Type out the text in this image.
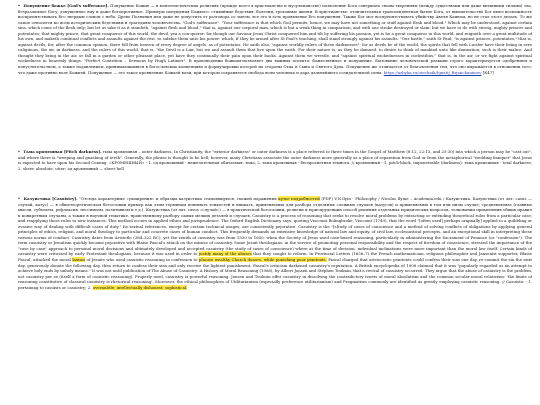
* Попущение божье [God's sufferance]. Попущение Божие — в монотеистических религиях (прежде всего в христианстве и мусульманстве) позволение Бога совершать своим творениям (между существами или даже внешними силами) зла, безразличное Богу, допущенное ему и даже богопротивное. Примеры попущения Божьего: стихийные бедствия, болезни, греховные жизни. В христианстве: отличительная трансцендентная бытие Бога, от вмешательства Бог имел возможность воспрепятствовать Его твердым словом с неба. Древо Познания или даже не допустить от разговора со змеем, все это и есть проявление Его попущения. Также Бог мог воспрепятствовать убийству Авеля Каином, но не стал этого делать. То же самое относится ко всем историческим бедствиям и трагедиям человечества. "God's sufferance". "Your sufferance is that which God permits; hence, we may have not something or stuff against flesh and blood." Which may be understood, against certain sins, which come of the flesh only; but let us take it as it standeth, "against flesh and blood," that is, against our corporal man, which is but a weak thing in comparison, and with one stroke destroyed or slain: but we have to do with strong, mighty princes and potentates; that mighty prince, that great conqueror of this world, the devil, yea a con-querer: for though our Saviour Jesus Christ conquered him and tilt by suffering his passion, yet is he a great conqueror in this world, and reigneth over a great multitude of his own, and maketh continual conflicts and assaults against the rest, to subdue them unto his power: which, if they be armed after St Paul's teaching, shall stand strongly against his assaults. "Our battle," saith St Paul, "is against princes, potentates," that is, against devils; for, after the common opinion, there fell from heaven of every degree of angels, as of potentates. He saith also, "against worldly rulers of these darknesses": for as devils be of the world, the spirits that fell with Lucifer have their being in sere caliginous, the air, in darkness, and the rulers of this world, that is, "the Devil is a Liar, but we and assault them that live upon the earth. For their nature is, as they be damned, to desire to think of mankind unto like damnation; such is their malice. And thought they bring in the air, or fall in a garden or other pleasant place, yet have they continually their pain upon their backs. Against them we wrestle, and "against spiritual wickednesses in coelestibus," that is, in the air; or we fight against spiritual wickedness in heavenly things. "Perfect Contrition – Sermons by Hugh Latimer". В произведении божьим-позволяет два важных аспекта: божественное и попущение. Бытование человеческой реакции строго характеризуется одобрением и попустительством, а также подавлением, принимающимися в богословских концепциях и формулировки которой на стороны Отца и Сына и Святого Духа. Попущение же отличается от благоволения тем, что оно выражается в отношении того, что даже противно воле Божией. Попущение — это такое проявление Божьей воли, при котором сохраняется свобода воли человека и дара дальнейшего созидательной силы. https://azbyka.ru/otechnik/Ignatij_Brjanchaninov/ [К47]

* Тьма кромешная [Pitch darkness]. тьма кромешная – outer darkness. In Christianity, the "exterior darkness" or outer darkness is a place referred to three times in the Gospel of Matthew (8:12, 22:13, and 25:30) into which a person may be "cast out", and where there is "weeping and gnashing of teeth". Generally, the phrase is thought to be hell; however, many Christians associate the outer darkness more generally as a place of separation from God or from the metaphorical "wedding banquet" that Jesus is expected to have upon his Second Coming. «КРОМЕШНЫЙ» - 1. од.кромешный - нежелательная обитаемая, тьма; 2. тьма кромешная - беспросветная темнота. // кромешный - 1. pitch-black, impenetrable (darkness): тьма кромешная - total darkness; 2. sheer, absolute, utter: ад кромешный — sheer hell

* Казуистика [Casuistry]. "Отсюда характерные «ухищрения» и образцы казуистика становящуюся, схожей поражения кутье подробностей (PDF) V.N.Ilyin - Philosophy / Nicolas Ilyine – Academia.edu / Казуистика. Казуистика (от лат. casus — случай, казус) — в общетеоретическом богословии пример как этим терминам понимать тонкостей и вникать, применяемых для разбора отдельных сложных случаев (казусов) и применяемых в том или ином случае; средневековье (главные мысли, субъекты, рефлексия, пессимизм, позитивизм и т.д.). Казуистика (от лат. casus «случай») — в практической богословии, религии и юриспруденции способ решения отдельных юридических вопросов, толковании применения общих правил к конкретным случаям, а также в научной тематике, нравственному разбору самых мелких деталей и случаев. Casuistry is a process of reasoning that seeks to resolve moral problems by extracting or extending theoretical rules from a particular case, and reapplying those rules to new instances. This method occurs in applied ethics and jurisprudence. The Oxford English Dictionary says, quoting Viscount Bolingbroke, Viscount (1749), that the word "[often used] perhaps originally] applied to a quibbling or evasive way of dealing with difficult cases of duty." Its textual references, except for certain technical usages, are consistently pejorative. Casuistry is the "[s]tudy of cases of conscience and a method of solving conflicts of obligations by applying general principles of ethics, religion, and moral theology to particular and concrete cases of human conduct. This frequently demands an extensive knowledge of natural law and equity, of civil law, ecclesiastical precepts, and an exceptional skill in interpreting these various norms of conduct. Casuistry dates from Aristotle (384–322 BC), yet the zenith of casuistry was from 1550 to 1650, when the Society of Jesus used case-based reasoning, particularly in administering the Sacrament of Penance (or "confession"). The term casuistry or Jesuitism quickly became pejorative with Blaise Pascal's attack on the misuse of casuistry. Some Jesuit theologians, in the service of promoting personal responsibility and the respect of freedom of conscience, stressed the importance of the "case by case" approach to personal moral decisions and ultimately developed and accepted casuistry (the study of cases of conscience) where at the time of decision, individual inclinations were more important than the moral law itself. Certain kinds of casuistry were criticized by early Protestant theologians, because it was used in order to justify many of the abuses that they sought to reform. In Provincial Letters (1656–7) the French mathematician, religious philosopher and Jansenist supporter, Blaise Pascal, attacked the moral laxism of Jesuits who used casuistic reasoning in confession to placate wealthy Church donors, while punishing poor penitents. Pascal charged that aristocratic penitents could confess their sins one day, re-commit the sin the next day, generously donate the following day, then return to confess their sins and only receive the lightest punishment. Pascal's criticism darkened casuistry's reputation. A British encyclopedia of 1908 claimed that it was "popularly regarded as an attempt to achieve holy ends by unholy means." It was not until publication of The Abuse of Casuistry: A History of Moral Reasoning (1988), by Albert Jonsen and Stephen Toulmin, that a revival of casuistry occurred. They argue that the abuse of casuistry is the problem, not casuistry per se (itself a form of casuistic reasoning). Properly used, casuistry is powerful reasoning. Jonsen and Toulmin offer casuistry in dissolving the contradictory tenets of moral absolutism and the common secular moral relativism: 'the limits of reasoning constitutive of classical casuistry is rhetorical reasoning'. Moreover, the ethical philosophies of Utilitarianism (especially preference utilitarianism) and Pragmatism commonly are identified as greatly employing casuistic reasoning. // Casuistic - 1. pertaining to casuists or casuistry; 2. overnubtle; intellectually dishonest; sophistical.
